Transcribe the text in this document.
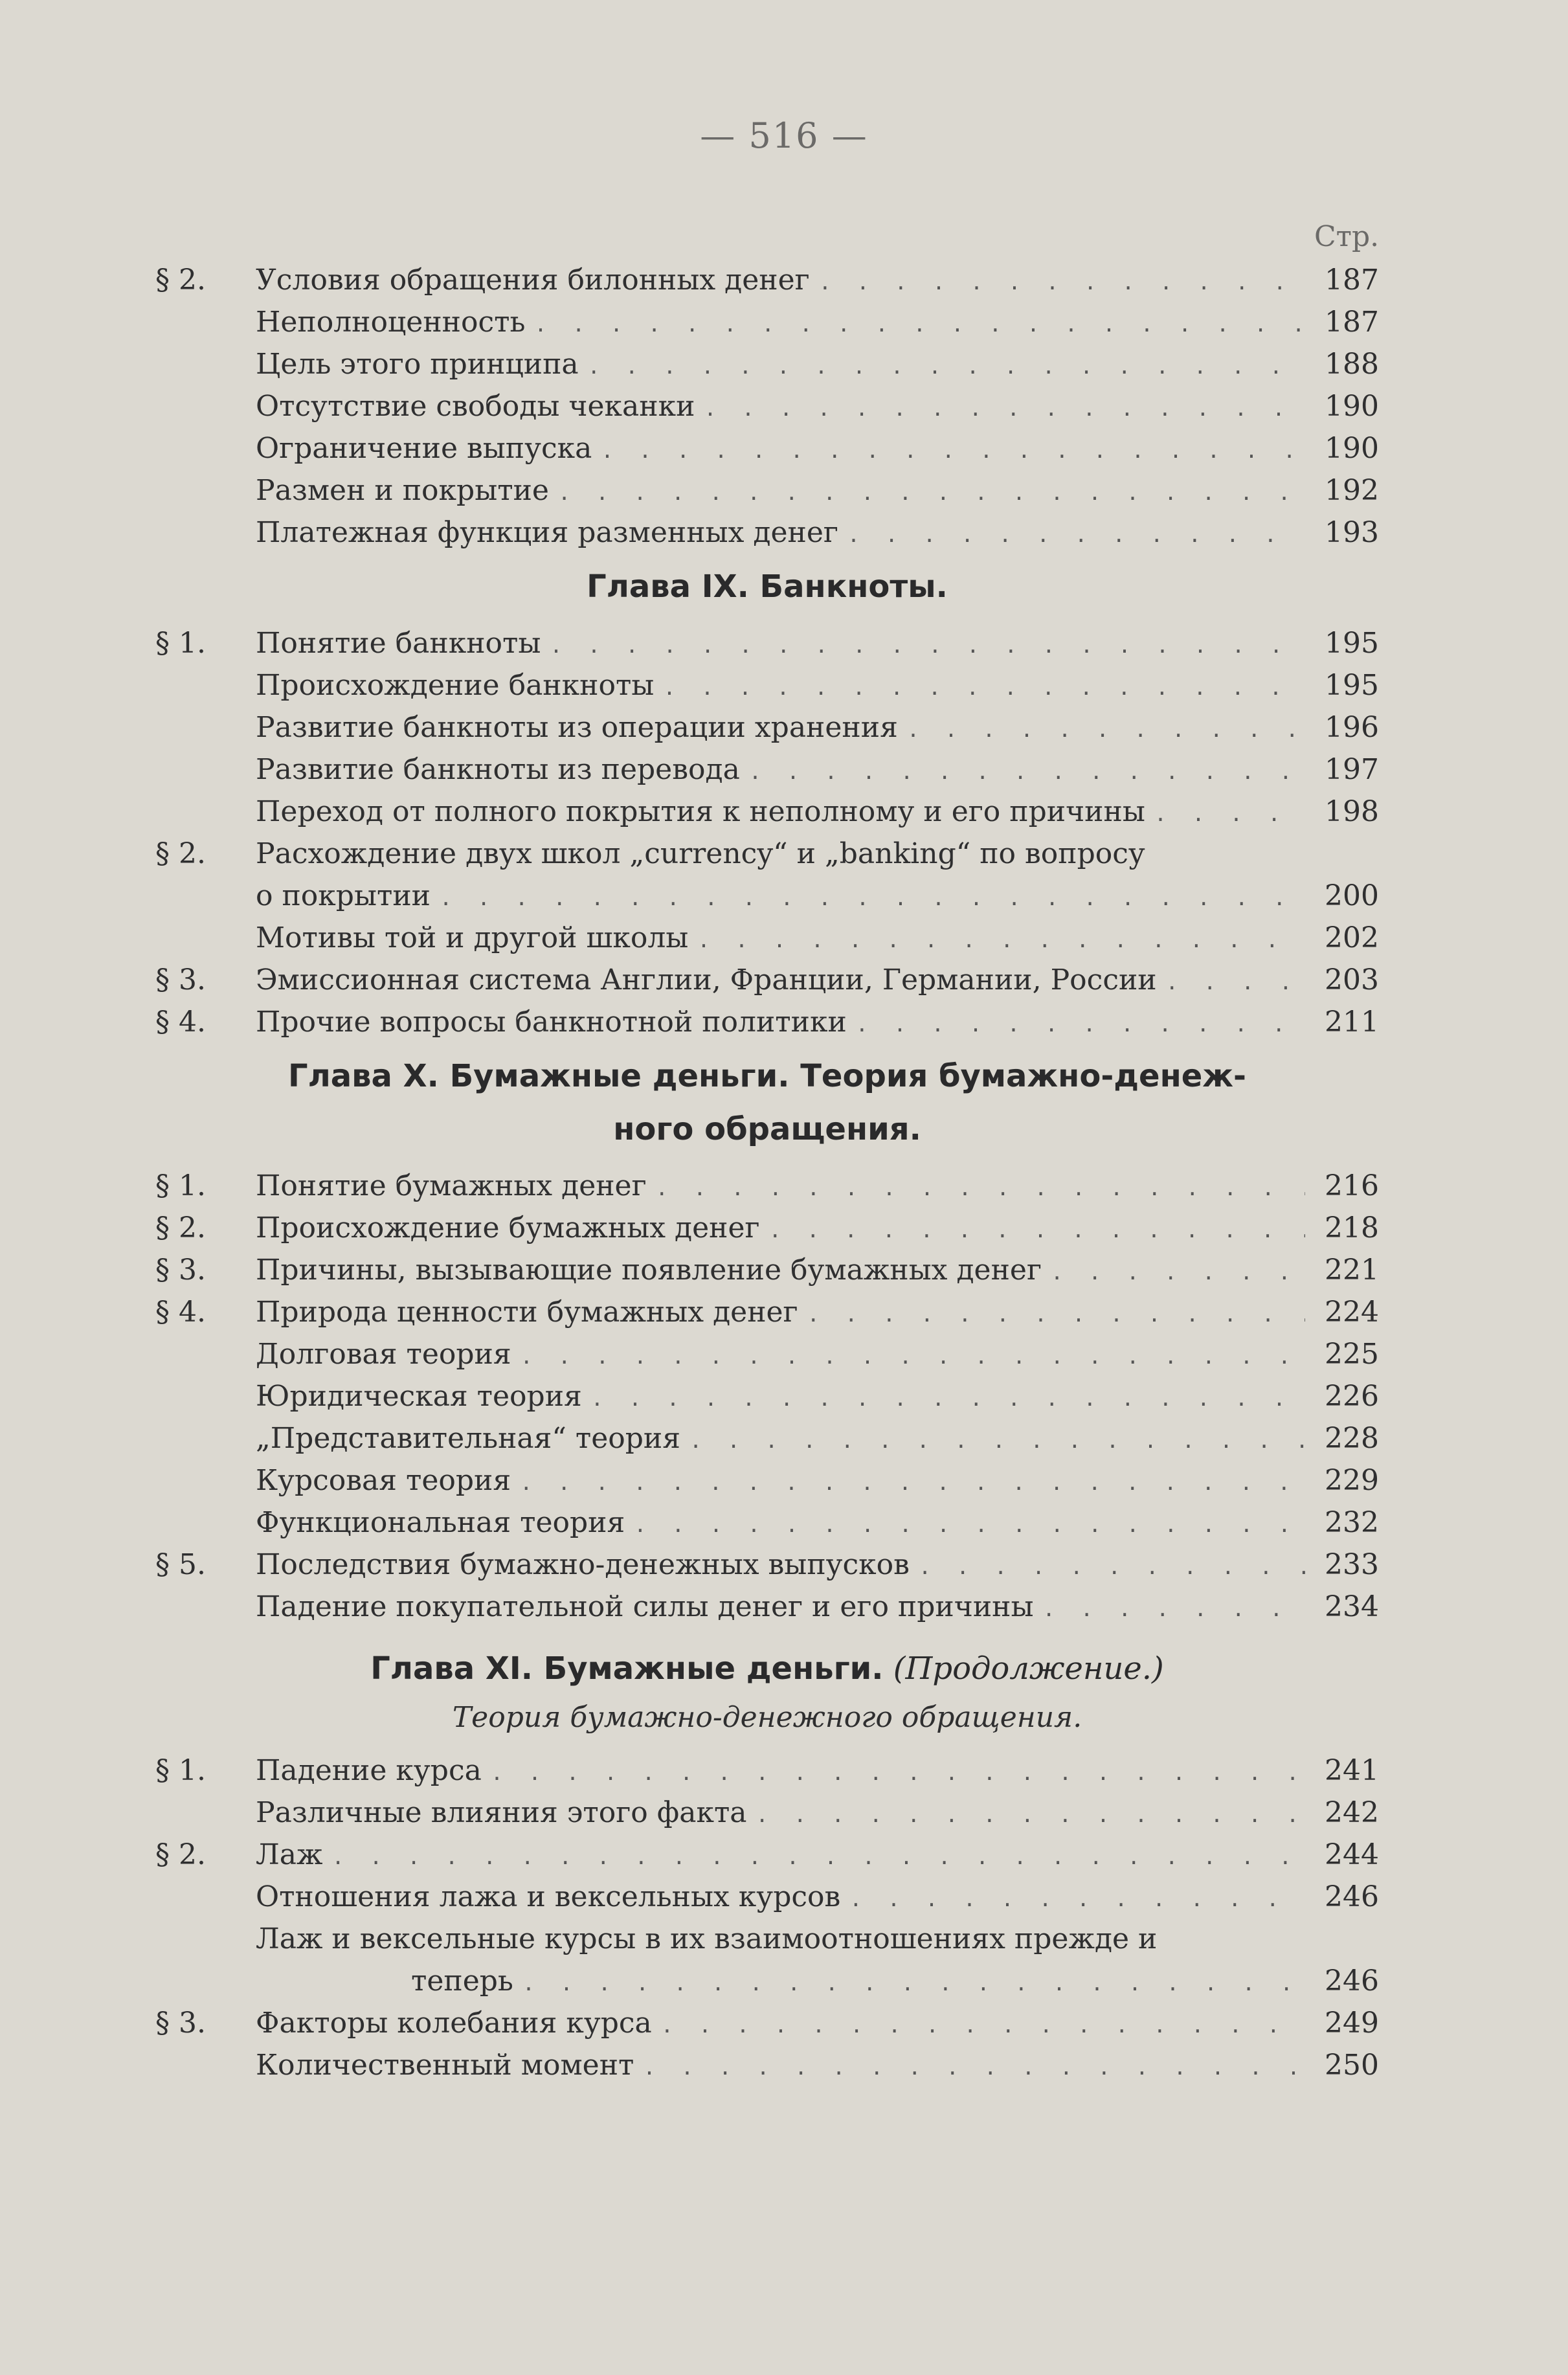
— 516 —
Стр.
§ 2.	Условия обращения билонных денег . . .	187
Неполноценность . . .	187
Цель этого принципа . . .	188
Отсутствие свободы чеканки . . .	190
Ограничение выпуска . . .	190
Размен и покрытие . . .	192
Платежная функция разменных денег . . .	193
Глава IX. Банкноты.
§ 1.	Понятие банкноты . . .	195
Происхождение банкноты . . .	195
Развитие банкноты из операции хранения . . .	196
Развитие банкноты из перевода . . .	197
Переход от полного покрытия к неполному и его причины . . .	198
§ 2.	Расхождение двух школ „currency“ и „banking“ по вопросу
о покрытии . . .	200
Мотивы той и другой школы . . .	202
§ 3.	Эмиссионная система Англии, Франции, Германии, России . . .	203
§ 4.	Прочие вопросы банкнотной политики . . .	211
Глава X. Бумажные деньги. Теория бумажно-денеж-
ного обращения.
§ 1.	Понятие бумажных денег . . .	216
§ 2.	Происхождение бумажных денег . . .	218
§ 3.	Причины, вызывающие появление бумажных денег . . .	221
§ 4.	Природа ценности бумажных денег . . .	224
Долговая теория . . .	225
Юридическая теория . . .	226
„Представительная“ теория . . .	228
Курсовая теория . . .	229
Функциональная теория . . .	232
§ 5.	Последствия бумажно-денежных выпусков . . .	233
Падение покупательной силы денег и его причины . . .	234
Глава XI. Бумажные деньги. (Продолжение.)
Теория бумажно-денежного обращения.
§ 1.	Падение курса . . .	241
Различные влияния этого факта . . .	242
§ 2.	Лаж . . .	244
Отношения лажа и вексельных курсов . . .	246
Лаж и вексельные курсы в их взаимоотношениях прежде и
теперь . . .	246
§ 3.	Факторы колебания курса . . .	249
Количественный момент . . .	250
